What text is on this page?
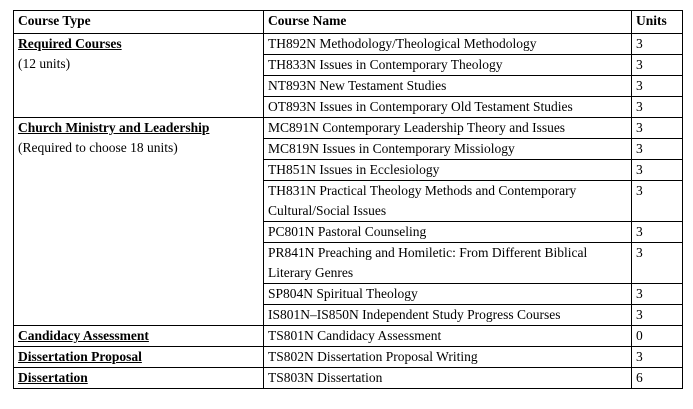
Course Type	Course Name	Units

Required Courses
(12 units)	TH892N Methodology/Theological Methodology	3
	TH833N Issues in Contemporary Theology	3
	NT893N New Testament Studies	3
	OT893N Issues in Contemporary Old Testament Studies	3

Church Ministry and Leadership
(Required to choose 18 units)	MC891N Contemporary Leadership Theory and Issues	3
	MC819N Issues in Contemporary Missiology	3
	TH851N Issues in Ecclesiology	3
	TH831N Practical Theology Methods and Contemporary Cultural/Social Issues	3
	PC801N Pastoral Counseling	3
	PR841N Preaching and Homiletic: From Different Biblical Literary Genres	3
	SP804N Spiritual Theology	3
	IS801N–IS850N Independent Study Progress Courses	3

Candidacy Assessment	TS801N Candidacy Assessment	0

Dissertation Proposal	TS802N Dissertation Proposal Writing	3

Dissertation	TS803N Dissertation	6
